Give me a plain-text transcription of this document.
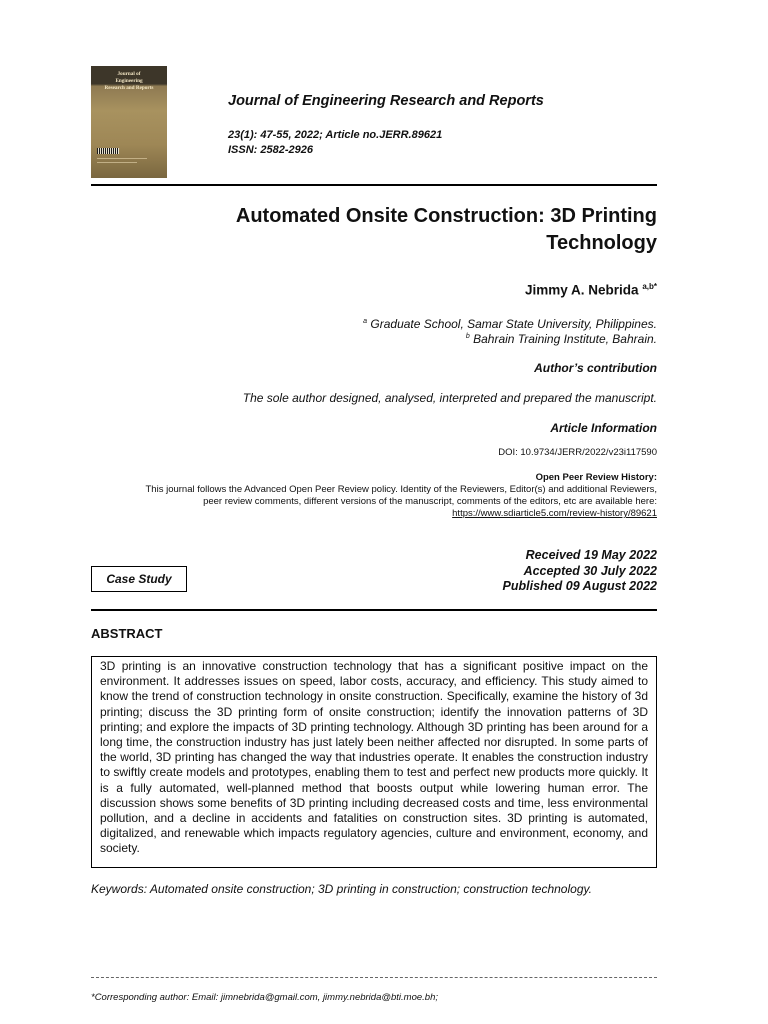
Journal of
Engineering
Research and Reports
Journal of Engineering Research and Reports
23(1): 47-55, 2022; Article no.JERR.89621
ISSN: 2582-2926
Automated Onsite Construction: 3D Printing
Technology
Jimmy A. Nebrida $^{a,b*}$
$^a$ Graduate School, Samar State University, Philippines.
$^b$ Bahrain Training Institute, Bahrain.
Author’s contribution
The sole author designed, analysed, interpreted and prepared the manuscript.
Article Information
DOI: 10.9734/JERR/2022/v23i117590
Open Peer Review History:
This journal follows the Advanced Open Peer Review policy. Identity of the Reviewers, Editor(s) and additional Reviewers,
peer review comments, different versions of the manuscript, comments of the editors, etc are available here:
https://www.sdiarticle5.com/review-history/89621
Case Study
Received 19 May 2022
Accepted 30 July 2022
Published 09 August 2022
ABSTRACT
3D printing is an innovative construction technology that has a significant positive impact on the environment. It addresses issues on speed, labor costs, accuracy, and efficiency. This study aimed to know the trend of construction technology in onsite construction. Specifically, examine the history of 3d printing; discuss the 3D printing form of onsite construction; identify the innovation patterns of 3D printing; and explore the impacts of 3D printing technology. Although 3D printing has been around for a long time, the construction industry has just lately been neither affected nor disrupted. In some parts of the world, 3D printing has changed the way that industries operate. It enables the construction industry to swiftly create models and prototypes, enabling them to test and perfect new products more quickly. It is a fully automated, well-planned method that boosts output while lowering human error. The discussion shows some benefits of 3D printing including decreased costs and time, less environmental pollution, and a decline in accidents and fatalities on construction sites. 3D printing is automated, digitalized, and renewable which impacts regulatory agencies, culture and environment, economy, and society.
Keywords: Automated onsite construction; 3D printing in construction; construction technology.
*Corresponding author: Email: jimnebrida@gmail.com, jimmy.nebrida@bti.moe.bh;
